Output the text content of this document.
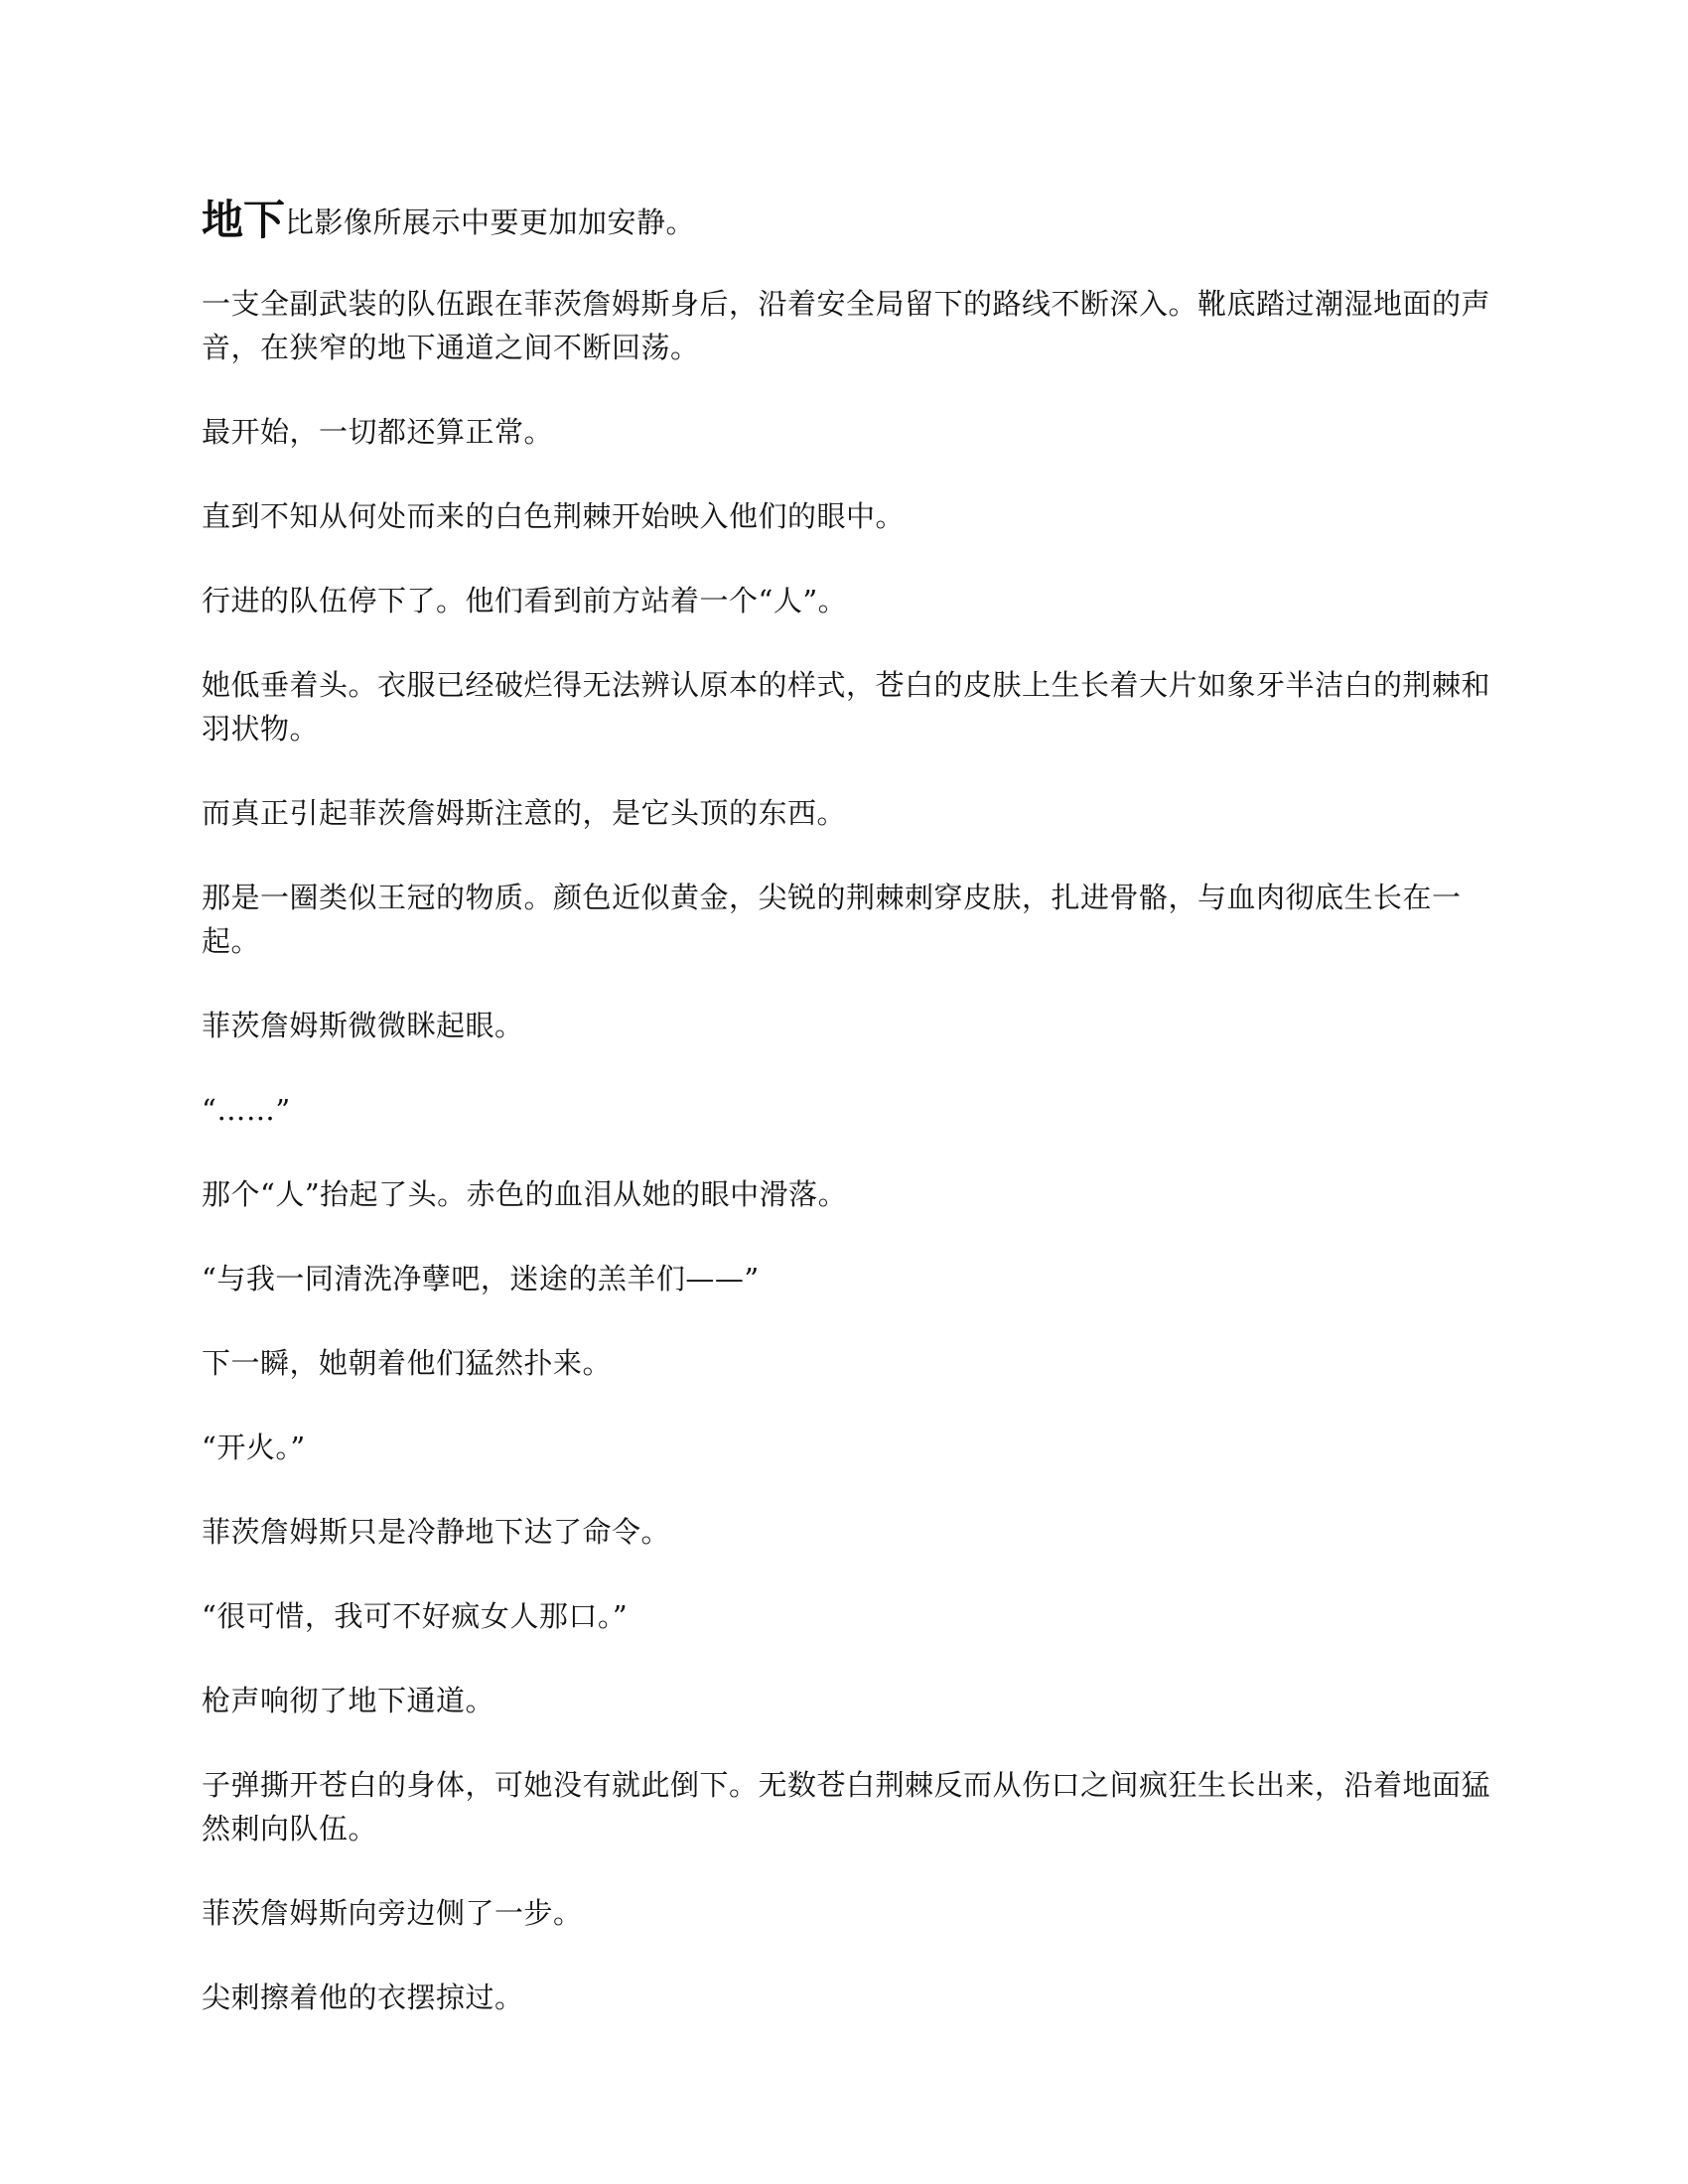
地下比影像所展示中要更加加安静。

一支全副武装的队伍跟在菲茨詹姆斯身后，沿着安全局留下的路线不断深入。靴底踏过潮湿地面的声音，在狭窄的地下通道之间不断回荡。

最开始，一切都还算正常。

直到不知从何处而来的白色荆棘开始映入他们的眼中。

行进的队伍停下了。他们看到前方站着一个“人”。

她低垂着头。衣服已经破烂得无法辨认原本的样式，苍白的皮肤上生长着大片如象牙半洁白的荆棘和羽状物。

而真正引起菲茨詹姆斯注意的，是它头顶的东西。

那是一圈类似王冠的物质。颜色近似黄金，尖锐的荆棘刺穿皮肤，扎进骨骼，与血肉彻底生长在一起。

菲茨詹姆斯微微眯起眼。

“……”

那个“人”抬起了头。赤色的血泪从她的眼中滑落。

“与我一同清洗净孽吧，迷途的羔羊们——”

下一瞬，她朝着他们猛然扑来。

“开火。”

菲茨詹姆斯只是冷静地下达了命令。

“很可惜，我可不好疯女人那口。”

枪声响彻了地下通道。

子弹撕开苍白的身体，可她没有就此倒下。无数苍白荆棘反而从伤口之间疯狂生长出来，沿着地面猛然刺向队伍。

菲茨詹姆斯向旁边侧了一步。

尖刺擦着他的衣摆掠过。
